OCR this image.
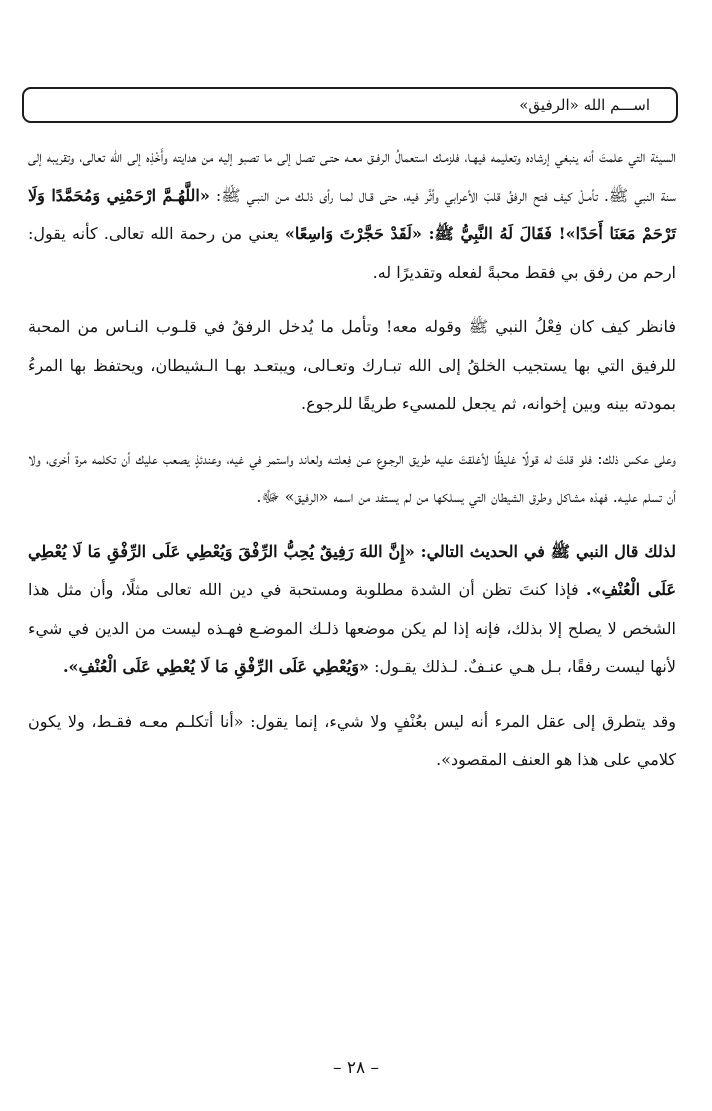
اســـم الله «الرفيق»

السيئة التي علمتَ أنه ينبغي إرشاده وتعليمه فيهـا، فلزمـك استعمالُ الرفـق معـه حتـى تصل إلى ما تصبو إليه من هدايته وأَخْذِه إلى الله تعالى، وتقريبه إلى سنة النبي ﷺ. تأمـلْ كيف فتح الرفقُ قلبَ الأعرابي وأثَّر فيه، حتى قـال لمـا رأى ذلـك مـن النبـي ﷺ: «اللَّهُـمَّ ارْحَمْنِي وَمُحَمَّدًا وَلَا تَرْحَمْ مَعَنَا أَحَدًا»! فَقَالَ لَهُ النَّبِيُّ ﷺ: «لَقَدْ حَجَّرْتَ وَاسِعًا» يعني من رحمة الله تعالى. كأنه يقول: ارحم من رفق بي فقط محبةً لفعله وتقديرًا له.

فانظر كيف كان فِعْلُ النبي ﷺ وقوله معه! وتأمل ما يُدخل الرفقُ في قلـوب النـاس من المحبة للرفيق التي بها يستجيب الخلقُ إلى الله تبـارك وتعـالى، ويبتعـد بهـا الـشيطان، ويحتفظ بها المرءُ بمودته بينه وبين إخوانه، ثم يجعل للمسيء طريقًا للرجوع.

وعلى عكس ذلك: فلو قلتَ له قولًا غليظًا لأغلقتَ عليه طريق الرجـوع عـن فِعلتـه ولعاند واستمر في غيه، وعندئذٍ يصعب عليك أن تكلمه مرة أخرى، ولا أن تسلم عليـه. فهذه مشاكل وطرق الشيطان التي يسلكها من لم يستفد من اسمه «الرفيق» ﷻ.

لذلك قال النبي ﷺ في الحديث التالي: «إِنَّ اللهَ رَفِيقٌ يُحِبُّ الرِّفْقَ وَيُعْطِي عَلَى الرِّفْقِ مَا لَا يُعْطِي عَلَى الْعُنْفِ». فإذا كنتَ تظن أن الشدة مطلوبة ومستحبة في دين الله تعالى مثلًا، وأن مثل هذا الشخص لا يصلح إلا بذلك، فإنه إذا لم يكن موضعها ذلـك الموضـع فهـذه ليست من الدين في شيء لأنها ليست رفقًا، بـل هـي عنـفٌ. لـذلك يقـول: «وَيُعْطِي عَلَى الرِّفْقِ مَا لَا يُعْطِي عَلَى الْعُنْفِ».

وقد يتطرق إلى عقل المرء أنه ليس بعُنْفٍ ولا شيء، إنما يقول: «أنا أتكلـم معـه فقـط، ولا يكون كلامي على هذا هو العنف المقصود».

– ٢٨ –
